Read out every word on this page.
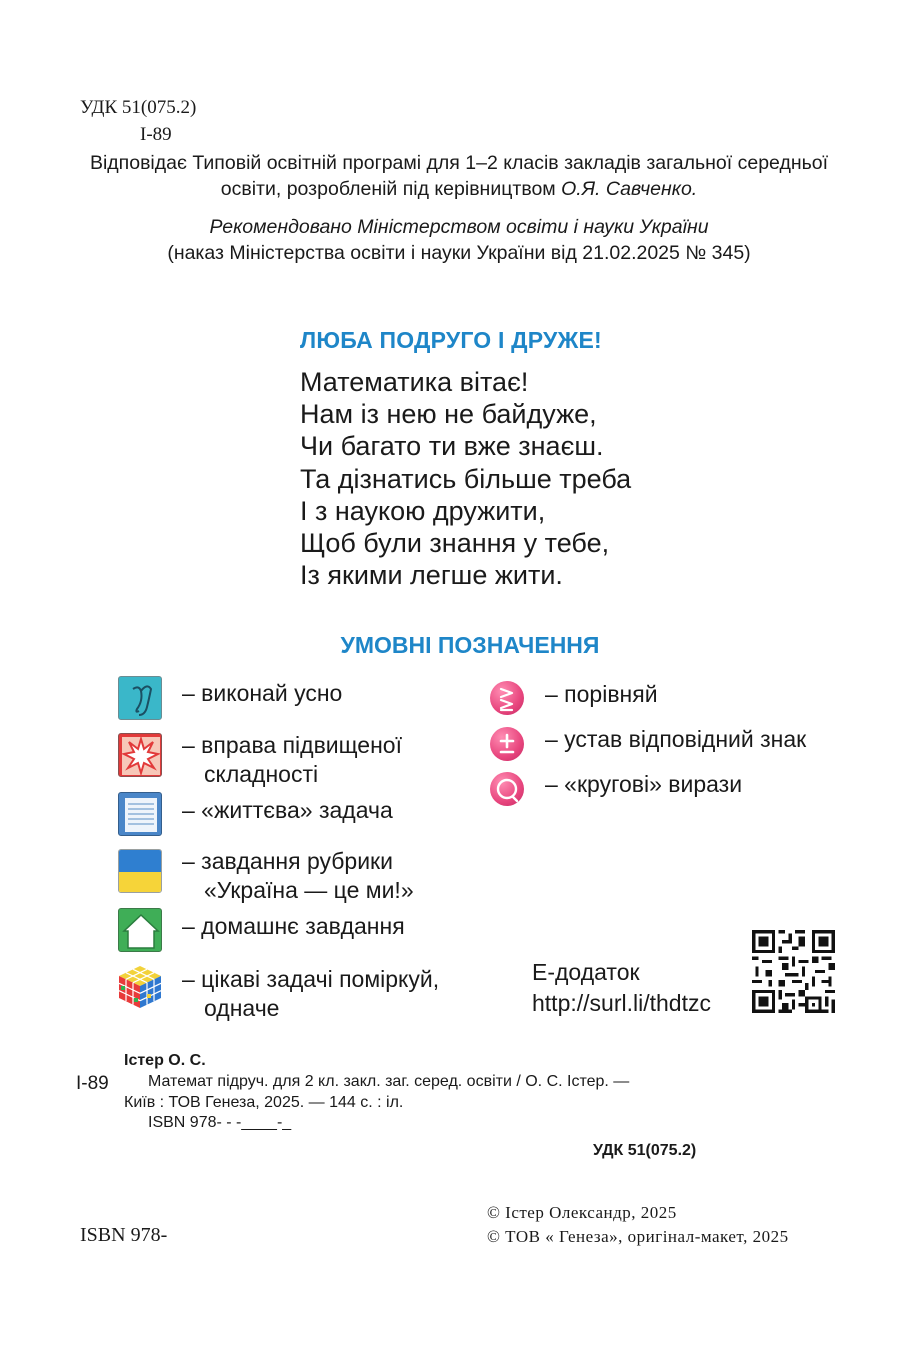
УДК 51(075.2)
І-89
Відповідає Типовій освітній програмі для 1–2 класів закладів загальної середньої освіти, розробленій під керівництвом О.Я. Савченко.
Рекомендовано Міністерством освіти і науки України
(наказ Міністерства освіти і науки України від 21.02.2025 № 345)
ЛЮБА ПОДРУГО І ДРУЖЕ!
Математика вітає!
Нам із нею не байдуже,
Чи багато ти вже знаєш.
Та дізнатись більше треба
І з наукою дружити,
Щоб були знання у тебе,
Із якими легше жити.
УМОВНІ ПОЗНАЧЕННЯ
– виконай усно
– вправа підвищеної
складності
– «життєва» задача
– завдання рубрики
«Україна — це ми!»
– домашнє завдання
– цікаві задачі поміркуй,
одначе
– порівняй
– устав відповідний знак
– «кругові» вирази
Е-додаток
http://surl.li/thdtzc
Істер О. С.
І-89 Математ підруч. для 2 кл. закл. заг. серед. освіти / О. С. Істер. —
Київ : ТОВ Генеза, 2025. — 144 с. : іл.
ISBN 978- - -____-_
УДК 51(075.2)
© Істер Олександр, 2025
© ТОВ « Генеза», оригінал-макет, 2025
ISBN 978-
